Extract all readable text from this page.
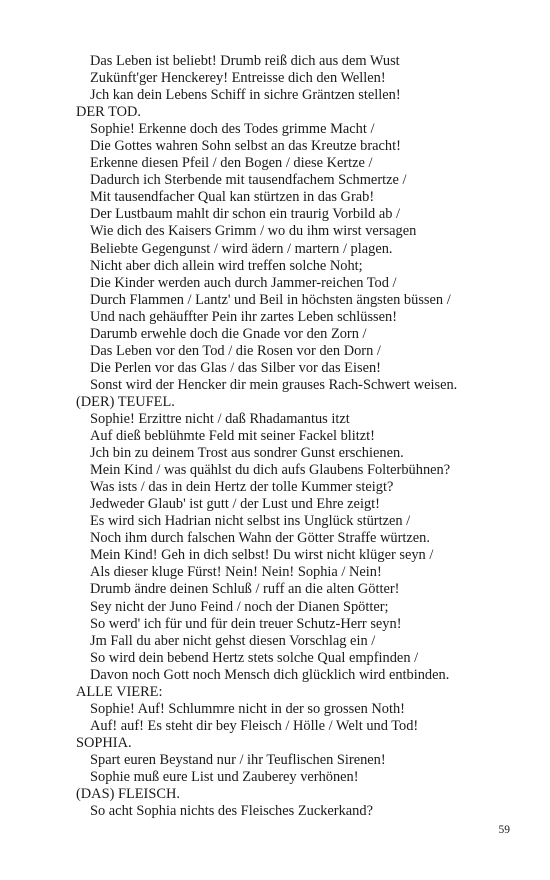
Das Leben ist beliebt! Drumb reiß dich aus dem Wust
Zukünft'ger Henckerey! Entreisse dich den Wellen!
Jch kan dein Lebens Schiff in sichre Gräntzen stellen!
DER TOD.
Sophie! Erkenne doch des Todes grimme Macht /
Die Gottes wahren Sohn selbst an das Kreutze bracht!
Erkenne diesen Pfeil / den Bogen / diese Kertze /
Dadurch ich Sterbende mit tausendfachem Schmertze /
Mit tausendfacher Qual kan stürtzen in das Grab!
Der Lustbaum mahlt dir schon ein traurig Vorbild ab /
Wie dich des Kaisers Grimm / wo du ihm wirst versagen
Beliebte Gegengunst / wird ädern / martern / plagen.
Nicht aber dich allein wird treffen solche Noht;
Die Kinder werden auch durch Jammer-reichen Tod /
Durch Flammen / Lantz' und Beil in höchsten ängsten büssen /
Und nach gehäuffter Pein ihr zartes Leben schlüssen!
Darumb erwehle doch die Gnade vor den Zorn /
Das Leben vor den Tod / die Rosen vor den Dorn /
Die Perlen vor das Glas / das Silber vor das Eisen!
Sonst wird der Hencker dir mein grauses Rach-Schwert weisen.
(DER) TEUFEL.
Sophie! Erzittre nicht / daß Rhadamantus itzt
Auf dieß beblühmte Feld mit seiner Fackel blitzt!
Jch bin zu deinem Trost aus sondrer Gunst erschienen.
Mein Kind / was quählst du dich aufs Glaubens Folterbühnen?
Was ists / das in dein Hertz der tolle Kummer steigt?
Jedweder Glaub' ist gutt / der Lust und Ehre zeigt!
Es wird sich Hadrian nicht selbst ins Unglück stürtzen /
Noch ihm durch falschen Wahn der Götter Straffe würtzen.
Mein Kind! Geh in dich selbst! Du wirst nicht klüger seyn /
Als dieser kluge Fürst! Nein! Nein! Sophia / Nein!
Drumb ändre deinen Schluß / ruff an die alten Götter!
Sey nicht der Juno Feind / noch der Dianen Spötter;
So werd' ich für und für dein treuer Schutz-Herr seyn!
Jm Fall du aber nicht gehst diesen Vorschlag ein /
So wird dein bebend Hertz stets solche Qual empfinden /
Davon noch Gott noch Mensch dich glücklich wird entbinden.
ALLE VIERE:
Sophie! Auf! Schlummre nicht in der so grossen Noth!
Auf! auf! Es steht dir bey Fleisch / Hölle / Welt und Tod!
SOPHIA.
Spart euren Beystand nur / ihr Teuflischen Sirenen!
Sophie muß eure List und Zauberey verhönen!
(DAS) FLEISCH.
So acht Sophia nichts des Fleisches Zuckerkand?
59
